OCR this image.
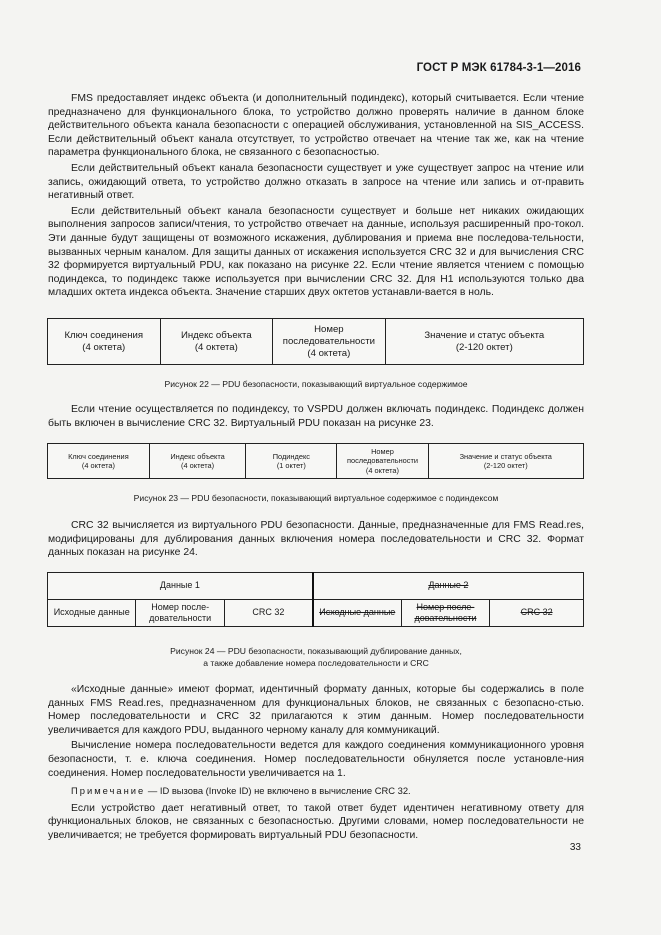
ГОСТ Р МЭК 61784-3-1—2016

FMS предоставляет индекс объекта (и дополнительный подиндекс), который считывается. Если чтение предназначено для функционального блока, то устройство должно проверять наличие в данном блоке действительного объекта канала безопасности с операцией обслуживания, установленной на SIS_ACCESS. Если действительный объект канала отсутствует, то устройство отвечает на чтение так же, как на чтение параметра функционального блока, не связанного с безопасностью.

Если действительный объект канала безопасности существует и уже существует запрос на чтение или запись, ожидающий ответа, то устройство должно отказать в запросе на чтение или запись и от-править негативный ответ.

Если действительный объект канала безопасности существует и больше нет никаких ожидающих выполнения запросов записи/чтения, то устройство отвечает на данные, используя расширенный про-токол. Эти данные будут защищены от возможного искажения, дублирования и приема вне последова-тельности, вызванных черным каналом. Для защиты данных от искажения используется CRC 32 и для вычисления CRC 32 формируется виртуальный PDU, как показано на рисунке 22. Если чтение является чтением с помощью подиндекса, то подиндекс также используется при вычислении CRC 32. Для H1 используются только два младших октета индекса объекта. Значение старших двух октетов устанавли-вается в ноль.

Ключ соединения
(4 октета)	Индекс объекта
(4 октета)	Номер
последовательности
(4 октета)	Значение и статус объекта
(2-120 октет)
Рисунок 22 — PDU безопасности, показывающий виртуальное содержимое

Если чтение осуществляется по подиндексу, то VSPDU должен включать подиндекс. Подиндекс должен быть включен в вычисление CRC 32. Виртуальный PDU показан на рисунке 23.

Ключ соединения
(4 октета)	Индекс объекта
(4 октета)	Подиндекс
(1 октет)	Номер
последовательности
(4 октета)	Значение и статус объекта
(2-120 октет)
Рисунок 23 — PDU безопасности, показывающий виртуальное содержимое с подиндексом

CRC 32 вычисляется из виртуального PDU безопасности. Данные, предназначенные для FMS Read.res, модифицированы для дублирования данных включения номера последовательности и CRC 32. Формат данных показан на рисунке 24.

Данные 1			Данные 2		
Исходные данные	Номер после-
довательности	CRC 32	Исходные данные	Номер после-
довательности	CRC 32
Рисунок 24 — PDU безопасности, показывающий дублирование данных,
а также добавление номера последовательности и CRC

«Исходные данные» имеют формат, идентичный формату данных, которые бы содержались в поле данных FMS Read.res, предназначенном для функциональных блоков, не связанных с безопасно-стью. Номер последовательности и CRC 32 прилагаются к этим данным. Номер последовательности увеличивается для каждого PDU, выданного черному каналу для коммуникаций.

Вычисление номера последовательности ведется для каждого соединения коммуникационного уровня безопасности, т. е. ключа соединения. Номер последовательности обнуляется после установле-ния соединения. Номер последовательности увеличивается на 1.

Примечание — ID вызова (Invoke ID) не включено в вычисление CRC 32.

Если устройство дает негативный ответ, то такой ответ будет идентичен негативному ответу для функциональных блоков, не связанных с безопасностью. Другими словами, номер последовательности не увеличивается; не требуется формировать виртуальный PDU безопасности.

33
